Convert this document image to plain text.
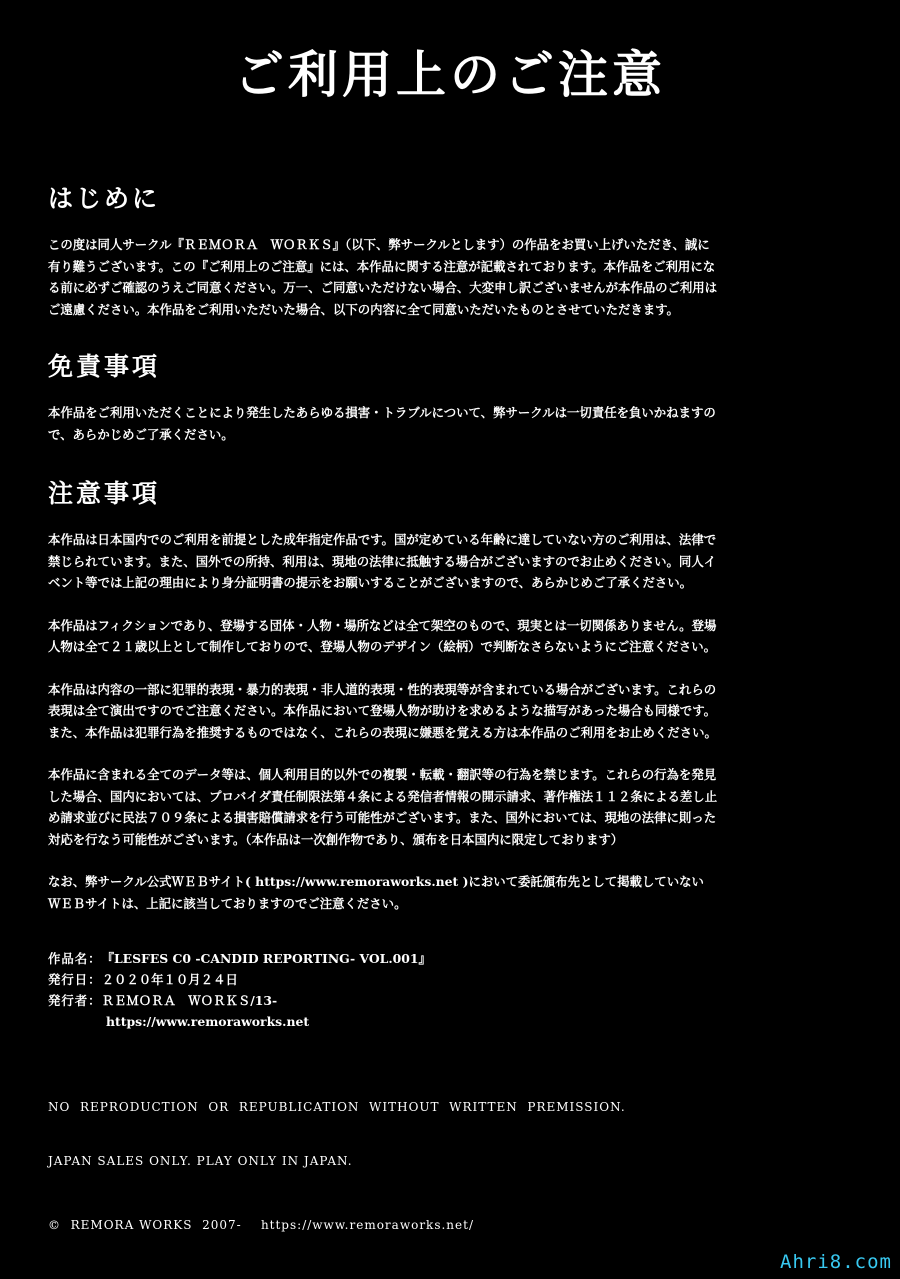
ご利用上のご注意
はじめに

この度は同人サークル『ＲＥＭＯＲＡ　ＷＯＲＫＳ』（以下、弊サークルとします）の作品をお買い上げいただき、誠に
有り難うございます。この『ご利用上のご注意』には、本作品に関する注意が記載されております。本作品をご利用にな
る前に必ずご確認のうえご同意ください。万一、ご同意いただけない場合、大変申し訳ございませんが本作品のご利用は
ご遠慮ください。本作品をご利用いただいた場合、以下の内容に全て同意いただいたものとさせていただきます。

免責事項

本作品をご利用いただくことにより発生したあらゆる損害・トラブルについて、弊サークルは一切責任を負いかねますの
で、あらかじめご了承ください。

注意事項

本作品は日本国内でのご利用を前提とした成年指定作品です。国が定めている年齢に達していない方のご利用は、法律で
禁じられています。また、国外での所持、利用は、現地の法律に抵触する場合がございますのでお止めください。同人イ
ベント等では上記の理由により身分証明書の提示をお願いすることがございますので、あらかじめご了承ください。

本作品はフィクションであり、登場する団体・人物・場所などは全て架空のもので、現実とは一切関係ありません。登場
人物は全て２１歳以上として制作しておりので、登場人物のデザイン（絵柄）で判断なさらないようにご注意ください。

本作品は内容の一部に犯罪的表現・暴力的表現・非人道的表現・性的表現等が含まれている場合がございます。これらの
表現は全て演出ですのでご注意ください。本作品において登場人物が助けを求めるような描写があった場合も同様です。
また、本作品は犯罪行為を推奨するものではなく、これらの表現に嫌悪を覚える方は本作品のご利用をお止めください。

本作品に含まれる全てのデータ等は、個人利用目的以外での複製・転載・翻訳等の行為を禁じます。これらの行為を発見
した場合、国内においては、プロバイダ責任制限法第４条による発信者情報の開示請求、著作権法１１２条による差し止
め請求並びに民法７０９条による損害賠償請求を行う可能性がございます。また、国外においては、現地の法律に則った
対応を行なう可能性がございます。（本作品は一次創作物であり、頒布を日本国内に限定しております）

なお、弊サークル公式ＷＥＢサイト( https://www.remoraworks.net )において委託頒布先として掲載していない
ＷＥＢサイトは、上記に該当しておりますのでご注意ください。

作品名： 『LESFES C0 -CANDID REPORTING- VOL.001』
発行日： ２０２０年１０月２４日
発行者： ＲＥＭＯＲＡ　ＷＯＲＫＳ/13-
https://www.remoraworks.net

NO  REPRODUCTION  OR  REPUBLICATION  WITHOUT  WRITTEN  PREMISSION.

JAPAN SALES ONLY. PLAY ONLY IN JAPAN.

©  REMORA WORKS  2007-    https://www.remoraworks.net/

Ahri8.com
